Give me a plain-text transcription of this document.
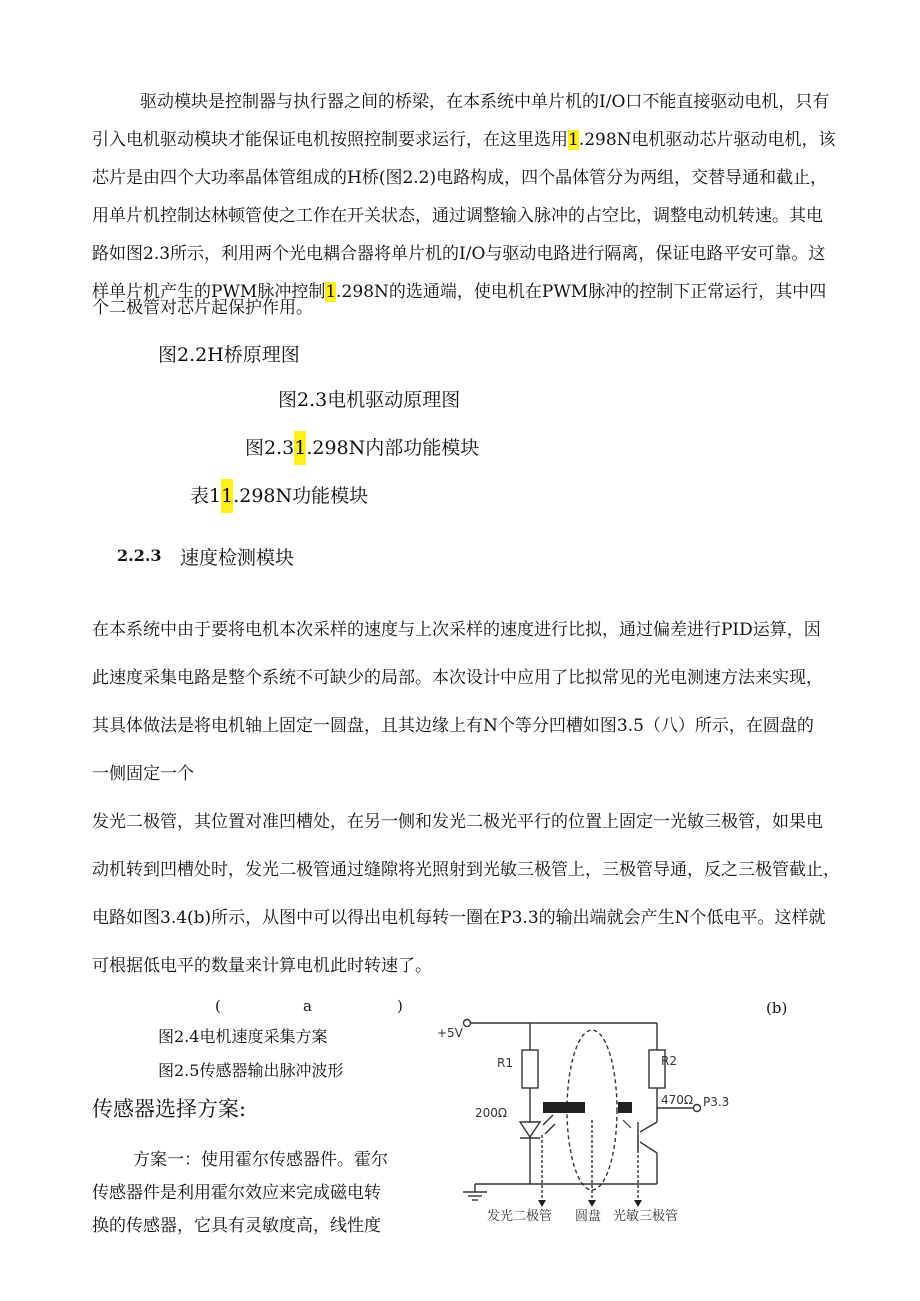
驱动模块是控制器与执行器之间的桥梁，在本系统中单片机的I/O口不能直接驱动电机，只有
引入电机驱动模块才能保证电机按照控制要求运行，在这里选用1.298N电机驱动芯片驱动电机，该
芯片是由四个大功率晶体管组成的H桥(图2.2)电路构成，四个晶体管分为两组，交替导通和截止，
用单片机控制达林顿管使之工作在开关状态，通过调整输入脉冲的占空比，调整电动机转速。其电
路如图2.3所示，利用两个光电耦合器将单片机的I/O与驱动电路进行隔离，保证电路平安可靠。这
样单片机产生的PWM脉冲控制1.298N的选通端，使电机在PWM脉冲的控制下正常运行，其中四
个二极管对芯片起保护作用。
图2.2H桥原理图
图2.3电机驱动原理图
图2.31.298N内部功能模块
表11.298N功能模块
2.2.3 速度检测模块
在本系统中由于要将电机本次采样的速度与上次采样的速度进行比拟，通过偏差进行PID运算，因
此速度采集电路是整个系统不可缺少的局部。本次设计中应用了比拟常见的光电测速方法来实现，
其具体做法是将电机轴上固定一圆盘，且其边缘上有N个等分凹槽如图3.5（八）所示，在圆盘的
一侧固定一个
发光二极管，其位置对准凹槽处，在另一侧和发光二极光平行的位置上固定一光敏三极管，如果电
动机转到凹槽处时，发光二极管通过缝隙将光照射到光敏三极管上，三极管导通，反之三极管截止，
电路如图3.4(b)所示，从图中可以得出电机每转一圈在P3.3的输出端就会产生N个低电平。这样就
可根据低电平的数量来计算电机此时转速了。
(	a	)	(b)
图2.4电机速度采集方案
图2.5传感器输出脉冲波形
传感器选择方案:
方案一：使用霍尔传感器件。霍尔
传感器件是利用霍尔效应来完成磁电转
换的传感器，它具有灵敏度高，线性度
+5V
R1
200Ω
R2
470Ω P3.3
发光二极管 圆盘 光敏三极管
